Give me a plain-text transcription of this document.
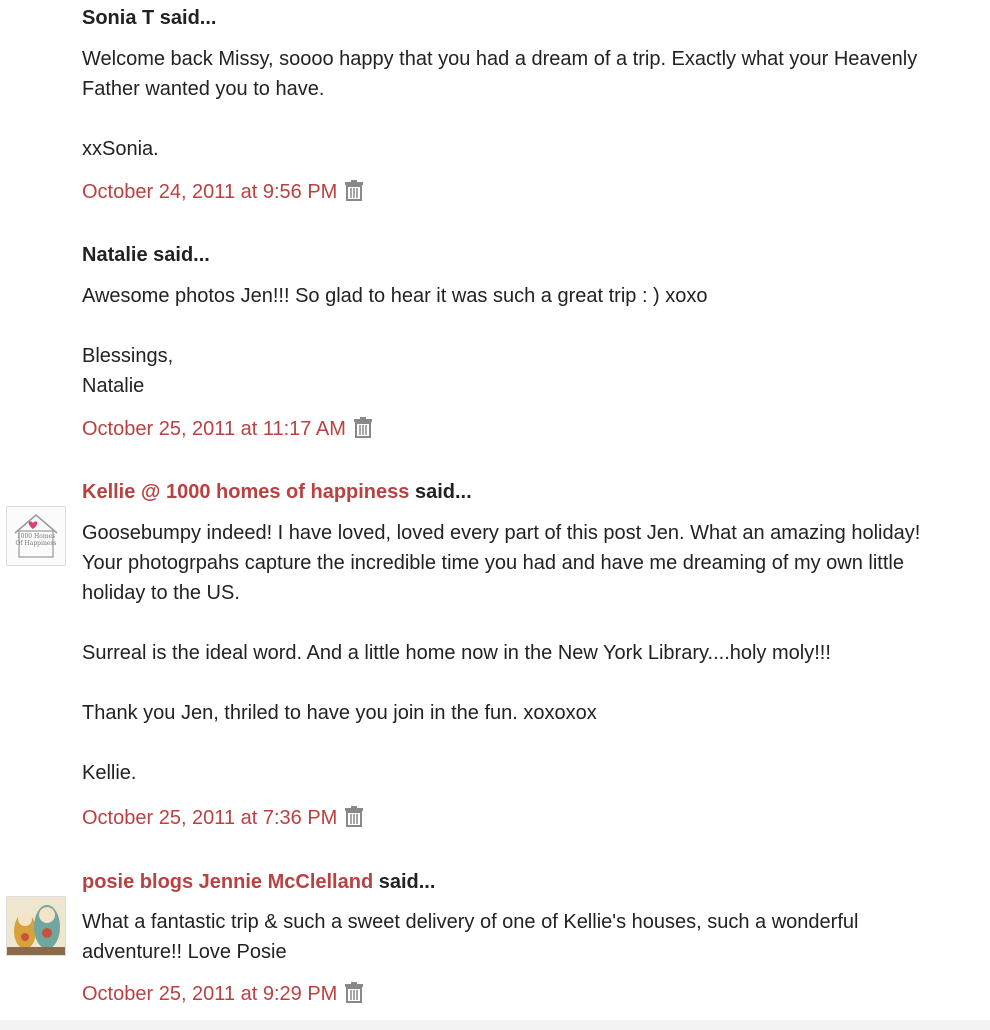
Sonia T said...

Welcome back Missy, soooo happy that you had a dream of a trip. Exactly what your Heavenly Father wanted you to have.

xxSonia.

October 24, 2011 at 9:56 PM
Natalie said...

Awesome photos Jen!!! So glad to hear it was such a great trip : ) xoxo

Blessings,
Natalie

October 25, 2011 at 11:17 AM
1000 Homes Of Happiness
Kellie @ 1000 homes of happiness said...

Goosebumpy indeed! I have loved, loved every part of this post Jen. What an amazing holiday! Your photogrpahs capture the incredible time you had and have me dreaming of my own little holiday to the US.

Surreal is the ideal word. And a little home now in the New York Library....holy moly!!!

Thank you Jen, thriled to have you join in the fun. xoxoxox

Kellie.

October 25, 2011 at 7:36 PM
posie blogs Jennie McClelland said...

What a fantastic trip & such a sweet delivery of one of Kellie's houses, such a wonderful adventure!! Love Posie

October 25, 2011 at 9:29 PM
